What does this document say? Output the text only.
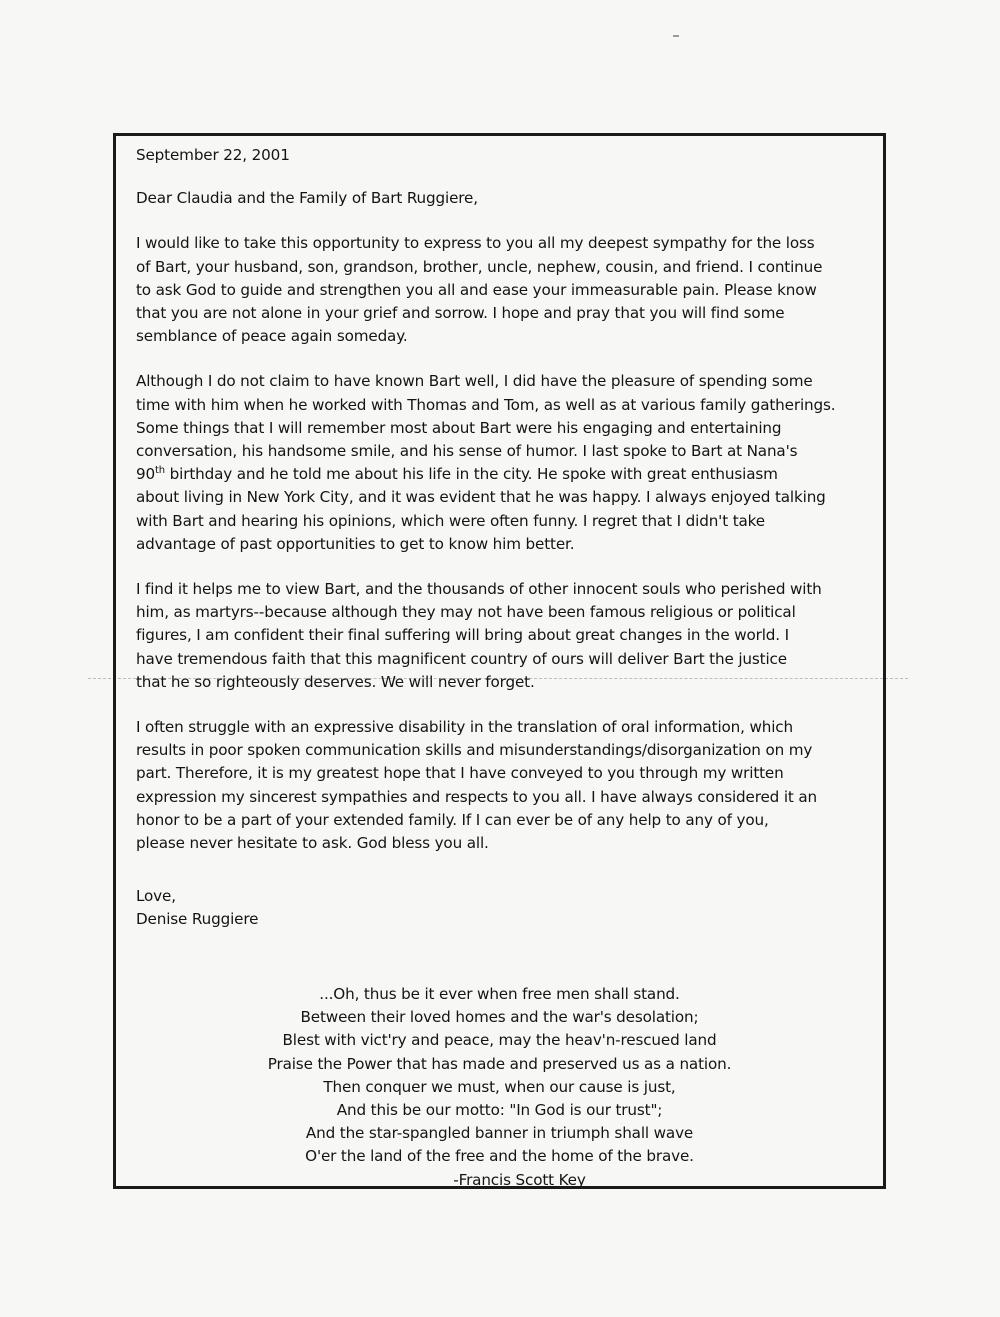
September 22, 2001

Dear Claudia and the Family of Bart Ruggiere,

I would like to take this opportunity to express to you all my deepest sympathy for the loss
of Bart, your husband, son, grandson, brother, uncle, nephew, cousin, and friend. I continue
to ask God to guide and strengthen you all and ease your immeasurable pain. Please know
that you are not alone in your grief and sorrow. I hope and pray that you will find some
semblance of peace again someday.

Although I do not claim to have known Bart well, I did have the pleasure of spending some
time with him when he worked with Thomas and Tom, as well as at various family gatherings.
Some things that I will remember most about Bart were his engaging and entertaining
conversation, his handsome smile, and his sense of humor. I last spoke to Bart at Nana's
90th birthday and he told me about his life in the city. He spoke with great enthusiasm
about living in New York City, and it was evident that he was happy. I always enjoyed talking
with Bart and hearing his opinions, which were often funny. I regret that I didn't take
advantage of past opportunities to get to know him better.

I find it helps me to view Bart, and the thousands of other innocent souls who perished with
him, as martyrs--because although they may not have been famous religious or political
figures, I am confident their final suffering will bring about great changes in the world. I
have tremendous faith that this magnificent country of ours will deliver Bart the justice
that he so righteously deserves. We will never forget.

I often struggle with an expressive disability in the translation of oral information, which
results in poor spoken communication skills and misunderstandings/disorganization on my
part. Therefore, it is my greatest hope that I have conveyed to you through my written
expression my sincerest sympathies and respects to you all. I have always considered it an
honor to be a part of your extended family. If I can ever be of any help to any of you,
please never hesitate to ask. God bless you all.

Love,
Denise Ruggiere

...Oh, thus be it ever when free men shall stand.
Between their loved homes and the war's desolation;
Blest with vict'ry and peace, may the heav'n-rescued land
Praise the Power that has made and preserved us as a nation.
Then conquer we must, when our cause is just,
And this be our motto: "In God is our trust";
And the star-spangled banner in triumph shall wave
O'er the land of the free and the home of the brave.
-Francis Scott Key
